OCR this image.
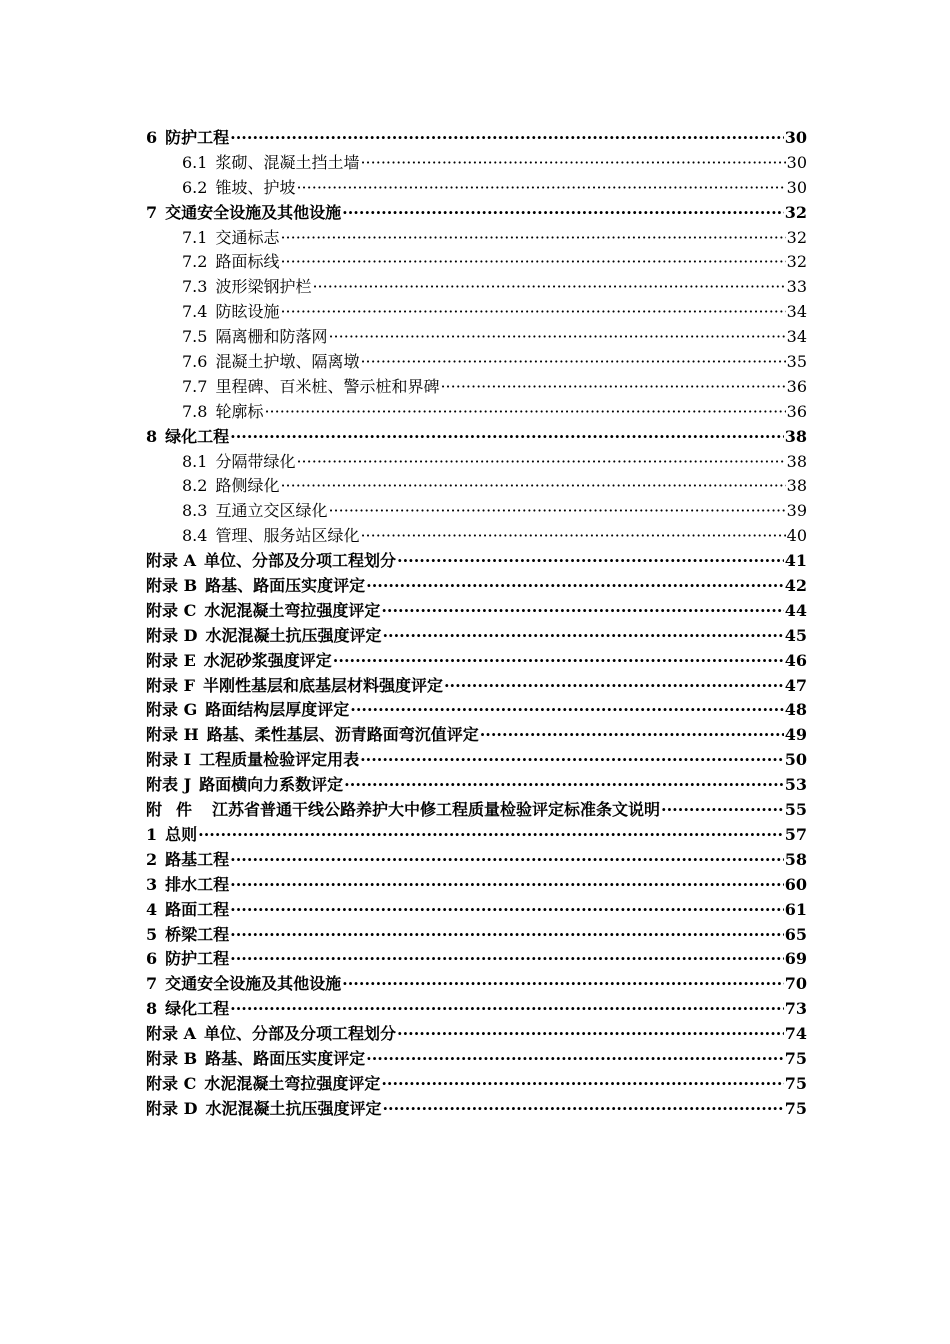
6 防护工程 ·····	30
6.1 浆砌、混凝土挡土墙 ·····	30
6.2 锥坡、护坡 ·····	30
7 交通安全设施及其他设施 ·····	32
7.1 交通标志 ·····	32
7.2 路面标线 ·····	32
7.3 波形梁钢护栏 ·····	33
7.4 防眩设施 ·····	34
7.5 隔离栅和防落网 ·····	34
7.6 混凝土护墩、隔离墩 ·····	35
7.7 里程碑、百米桩、警示桩和界碑 ·····	36
7.8 轮廓标 ·····	36
8 绿化工程 ·····	38
8.1 分隔带绿化 ·····	38
8.2 路侧绿化 ·····	38
8.3 互通立交区绿化 ·····	39
8.4 管理、服务站区绿化 ·····	40
附录 A 单位、分部及分项工程划分 ·····	41
附录 B 路基、路面压实度评定 ·····	42
附录 C 水泥混凝土弯拉强度评定 ·····	44
附录 D 水泥混凝土抗压强度评定 ·····	45
附录 E 水泥砂浆强度评定 ·····	46
附录 F 半刚性基层和底基层材料强度评定 ·····	47
附录 G 路面结构层厚度评定 ·····	48
附录 H 路基、柔性基层、沥青路面弯沉值评定 ·····	49
附录 I 工程质量检验评定用表 ·····	50
附表 J 路面横向力系数评定 ·····	53
附件 江苏省普通干线公路养护大中修工程质量检验评定标准条文说明 ·····	55
1 总则 ·····	57
2 路基工程 ·····	58
3 排水工程 ·····	60
4 路面工程 ·····	61
5 桥梁工程 ·····	65
6 防护工程 ·····	69
7 交通安全设施及其他设施 ·····	70
8 绿化工程 ·····	73
附录 A 单位、分部及分项工程划分 ·····	74
附录 B 路基、路面压实度评定 ·····	75
附录 C 水泥混凝土弯拉强度评定 ·····	75
附录 D 水泥混凝土抗压强度评定 ·····	75
